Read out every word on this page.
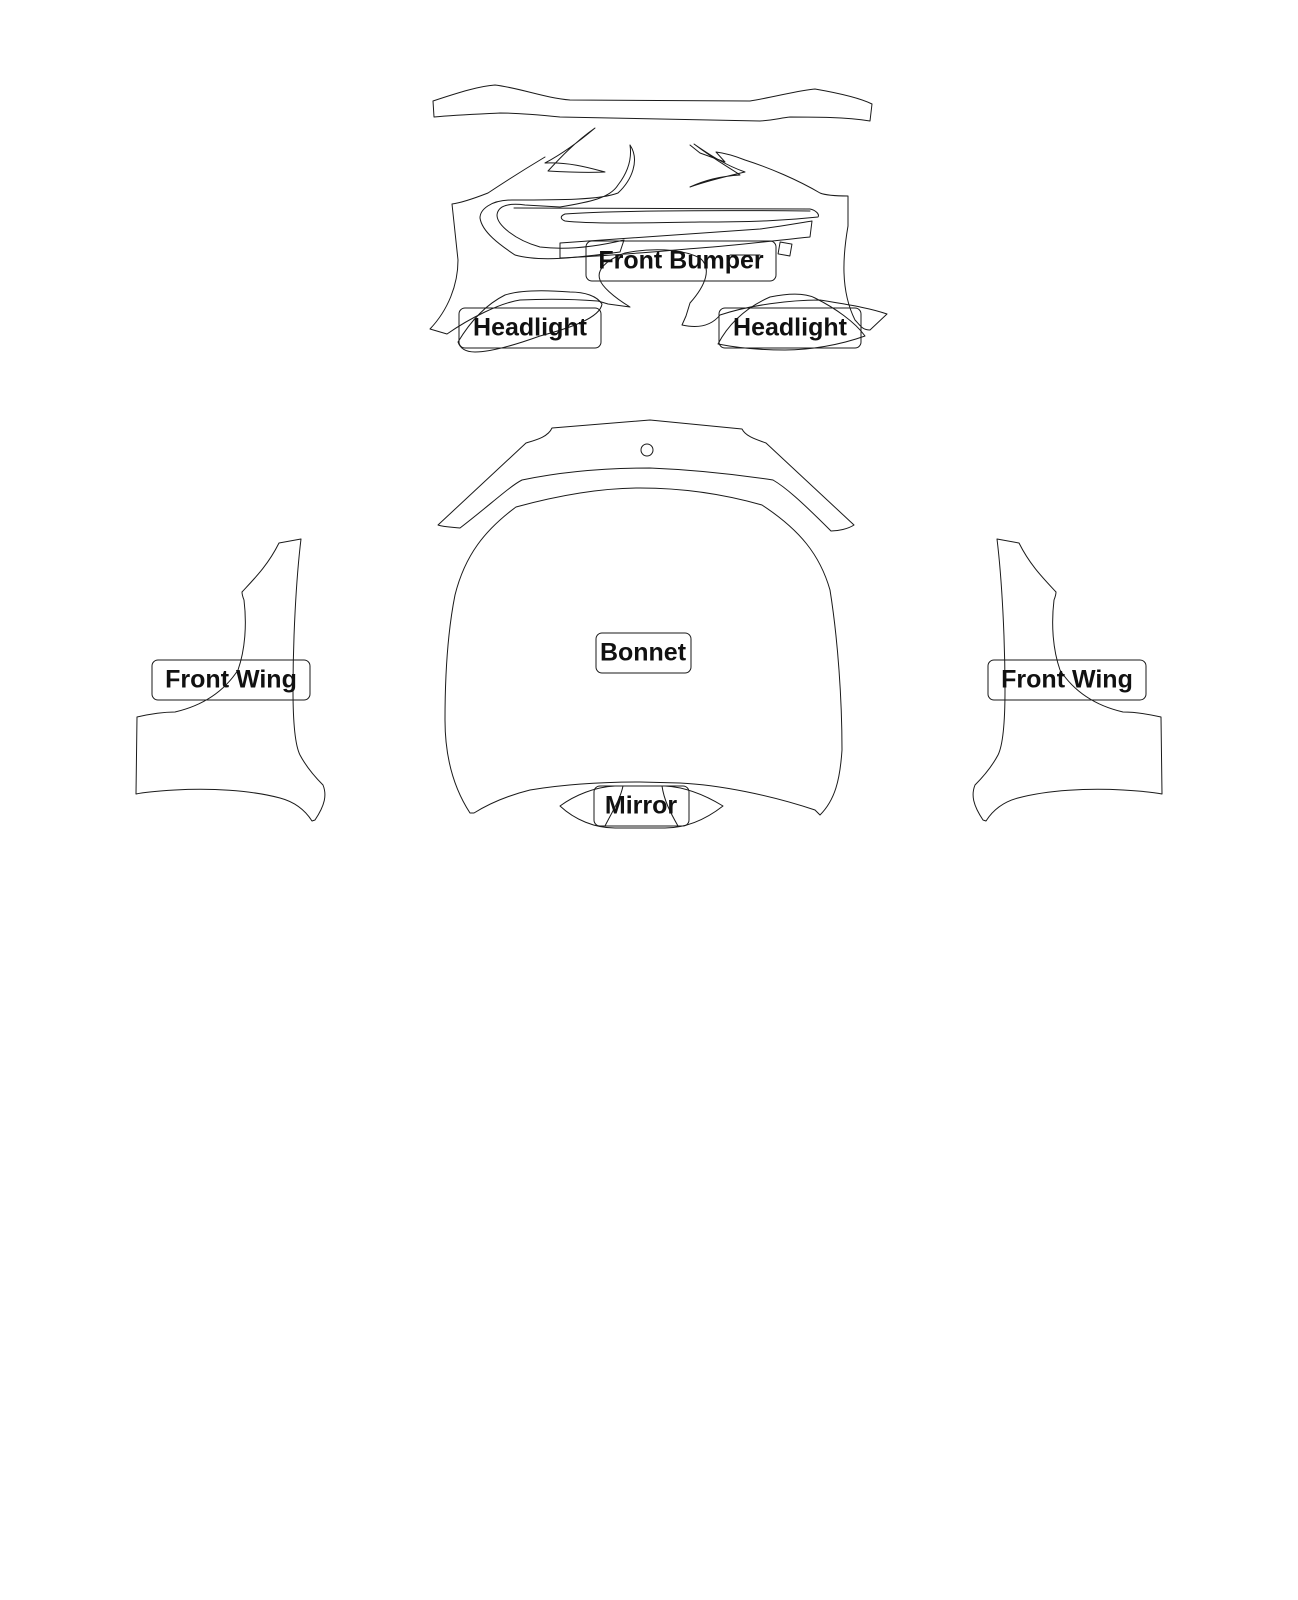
Front Bumper
Headlight	Headlight
Bonnet
Mirror
Front Wing	Front Wing
